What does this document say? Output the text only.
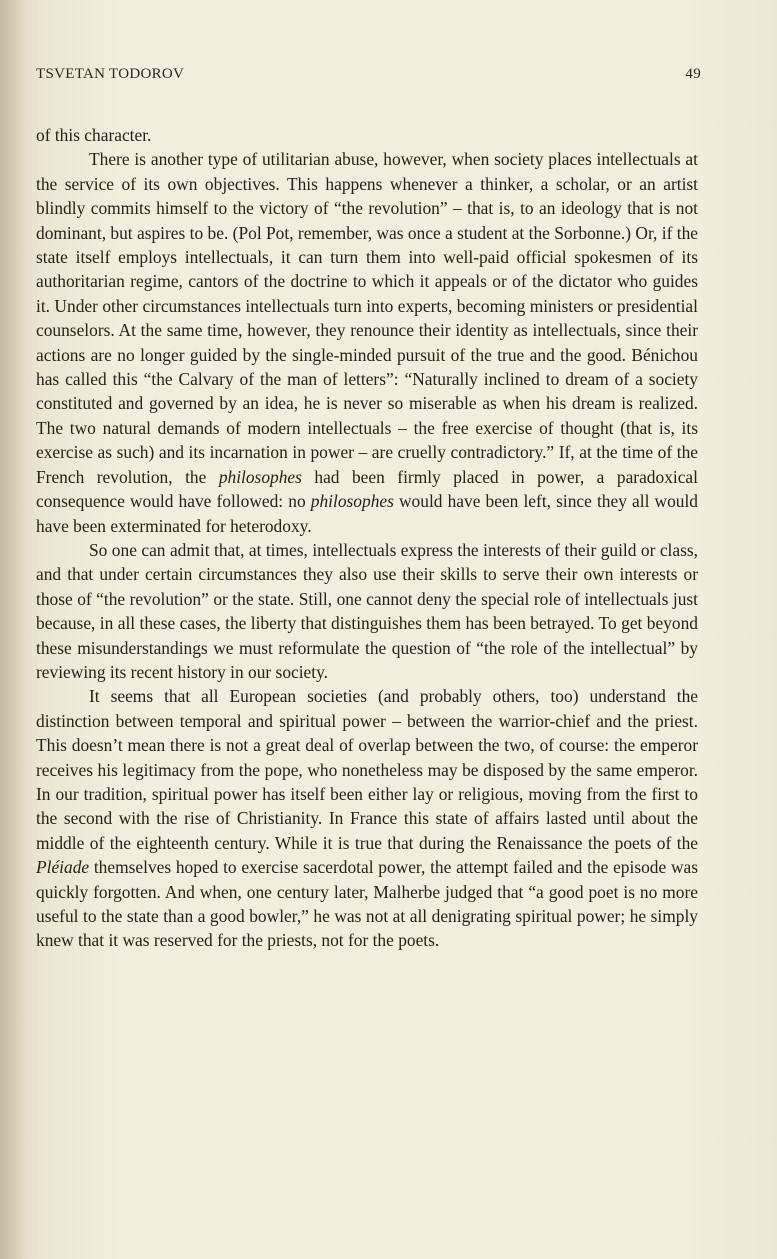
TSVETAN TODOROV	49

of this character.

There is another type of utilitarian abuse, however, when society places intellectuals at the service of its own objectives. This happens whenever a thinker, a scholar, or an artist blindly commits himself to the victory of “the revolution” – that is, to an ideology that is not dominant, but aspires to be. (Pol Pot, remember, was once a student at the Sorbonne.) Or, if the state itself employs intellectuals, it can turn them into well-paid official spokesmen of its authoritarian regime, cantors of the doctrine to which it appeals or of the dictator who guides it. Under other circumstances intellectuals turn into experts, becoming ministers or presidential counselors. At the same time, however, they renounce their identity as intellectuals, since their actions are no longer guided by the single-minded pursuit of the true and the good. Bénichou has called this “the Calvary of the man of letters”: “Naturally inclined to dream of a society constituted and governed by an idea, he is never so miserable as when his dream is realized. The two natural demands of modern intellectuals – the free exercise of thought (that is, its exercise as such) and its incarnation in power – are cruelly contradictory.” If, at the time of the French revolution, the philosophes had been firmly placed in power, a paradoxical consequence would have followed: no philosophes would have been left, since they all would have been exterminated for heterodoxy.

So one can admit that, at times, intellectuals express the interests of their guild or class, and that under certain circumstances they also use their skills to serve their own interests or those of “the revolution” or the state. Still, one cannot deny the special role of intellectuals just because, in all these cases, the liberty that distinguishes them has been betrayed. To get beyond these misunderstandings we must reformulate the question of “the role of the intellectual” by reviewing its recent history in our society.

It seems that all European societies (and probably others, too) understand the distinction between temporal and spiritual power – between the warrior-chief and the priest. This doesn’t mean there is not a great deal of overlap between the two, of course: the emperor receives his legitimacy from the pope, who nonetheless may be disposed by the same emperor. In our tradition, spiritual power has itself been either lay or religious, moving from the first to the second with the rise of Christianity. In France this state of affairs lasted until about the middle of the eighteenth century. While it is true that during the Renaissance the poets of the Pléiade themselves hoped to exercise sacerdotal power, the attempt failed and the episode was quickly forgotten. And when, one century later, Malherbe judged that “a good poet is no more useful to the state than a good bowler,” he was not at all denigrating spiritual power; he simply knew that it was reserved for the priests, not for the poets.
